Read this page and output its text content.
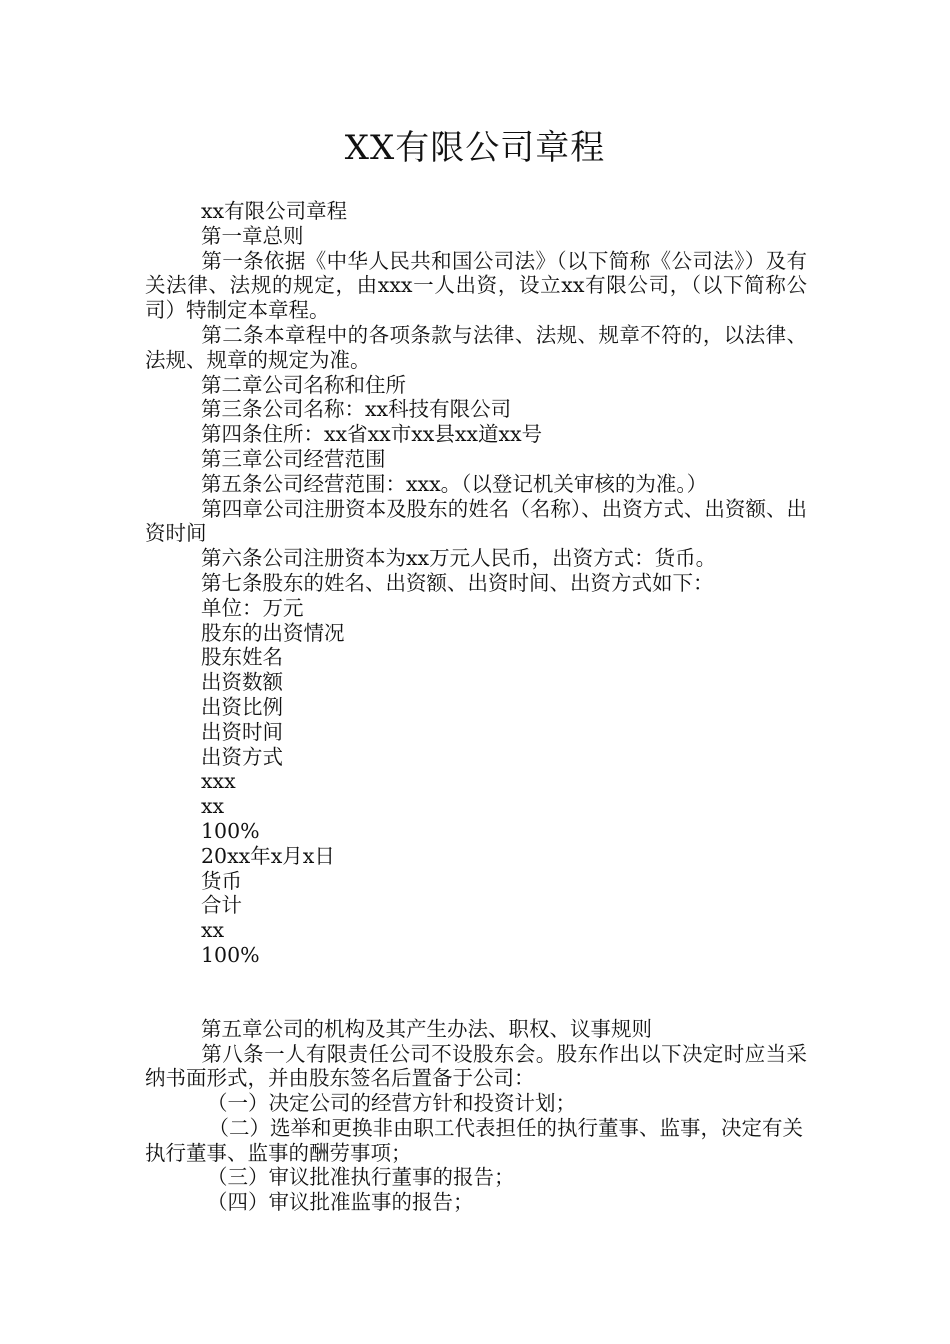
XX有限公司章程

xx有限公司章程

第一章总则

第一条依据《中华人民共和国公司法》（以下简称《公司法》）及有关法律、法规的规定，由xxx一人出资，设立xx有限公司，（以下简称公司）特制定本章程。

第二条本章程中的各项条款与法律、法规、规章不符的，以法律、法规、规章的规定为准。

第二章公司名称和住所

第三条公司名称：xx科技有限公司

第四条住所：xx省xx市xx县xx道xx号

第三章公司经营范围

第五条公司经营范围：xxx。（以登记机关审核的为准。）

第四章公司注册资本及股东的姓名（名称）、出资方式、出资额、出资时间

第六条公司注册资本为xx万元人民币，出资方式：货币。

第七条股东的姓名、出资额、出资时间、出资方式如下：

单位：万元

股东的出资情况

股东姓名

出资数额

出资比例

出资时间

出资方式

xxx

xx

100%

20xx年x月x日

货币

合计

xx

100%

第五章公司的机构及其产生办法、职权、议事规则

第八条一人有限责任公司不设股东会。股东作出以下决定时应当采纳书面形式，并由股东签名后置备于公司：

（一）决定公司的经营方针和投资计划；

（二）选举和更换非由职工代表担任的执行董事、监事，决定有关执行董事、监事的酬劳事项；

（三）审议批准执行董事的报告；

（四）审议批准监事的报告；
